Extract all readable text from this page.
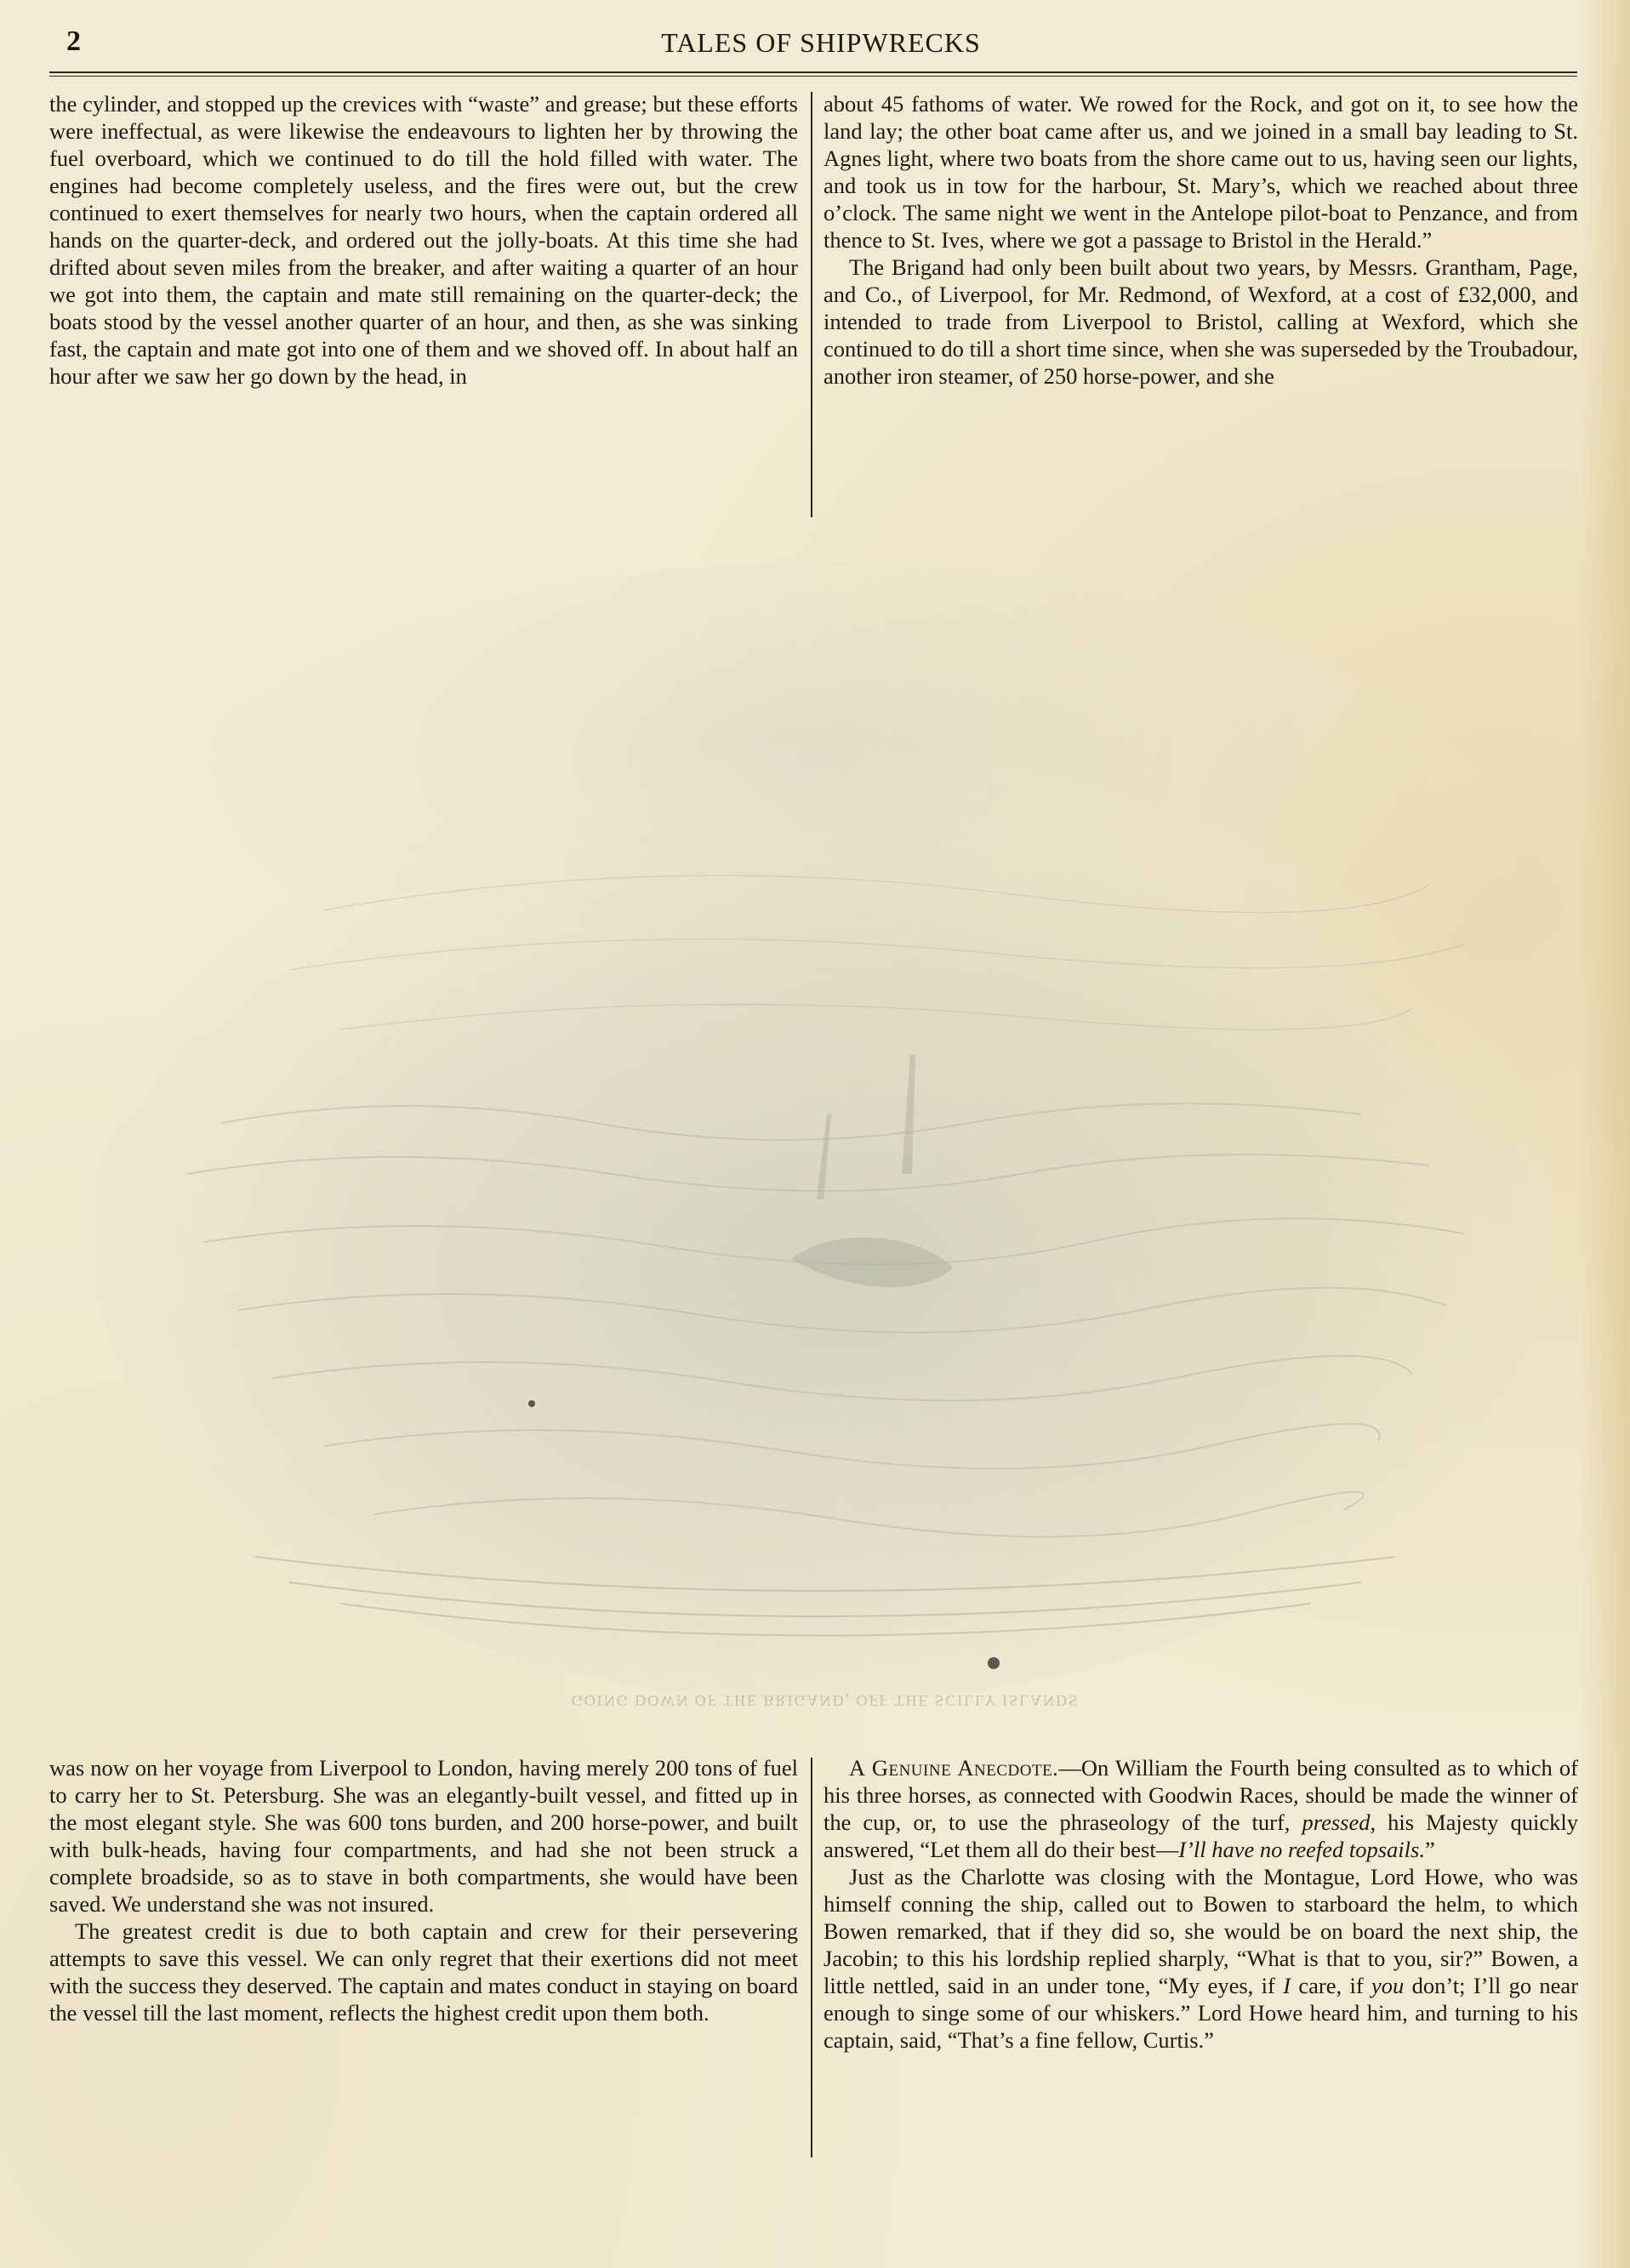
2	TALES OF SHIPWRECKS

the cylinder, and stopped up the crevices with “waste” and grease; but these efforts were ineffectual, as were likewise the endeavours to lighten her by throwing the fuel overboard, which we continued to do till the hold filled with water. The engines had become completely useless, and the fires were out, but the crew continued to exert themselves for nearly two hours, when the captain ordered all hands on the quarter-deck, and ordered out the jolly-boats. At this time she had drifted about seven miles from the breaker, and after waiting a quarter of an hour we got into them, the captain and mate still remaining on the quarter-deck; the boats stood by the vessel another quarter of an hour, and then, as she was sinking fast, the captain and mate got into one of them and we shoved off. In about half an hour after we saw her go down by the head, in

about 45 fathoms of water. We rowed for the Rock, and got on it, to see how the land lay; the other boat came after us, and we joined in a small bay leading to St. Agnes light, where two boats from the shore came out to us, having seen our lights, and took us in tow for the harbour, St. Mary’s, which we reached about three o’clock. The same night we went in the Antelope pilot-boat to Penzance, and from thence to St. Ives, where we got a passage to Bristol in the Herald.”

The Brigand had only been built about two years, by Messrs. Grantham, Page, and Co., of Liverpool, for Mr. Redmond, of Wexford, at a cost of £32,000, and intended to trade from Liverpool to Bristol, calling at Wexford, which she continued to do till a short time since, when she was superseded by the Troubadour, another iron steamer, of 250 horse-power, and she

GOING DOWN OF THE BRIGAND, OFF THE SCILLY ISLANDS

was now on her voyage from Liverpool to London, having merely 200 tons of fuel to carry her to St. Petersburg. She was an elegantly-built vessel, and fitted up in the most elegant style. She was 600 tons burden, and 200 horse-power, and built with bulk-heads, having four compartments, and had she not been struck a complete broadside, so as to stave in both compartments, she would have been saved. We understand she was not insured.

The greatest credit is due to both captain and crew for their persevering attempts to save this vessel. We can only regret that their exertions did not meet with the success they deserved. The captain and mates conduct in staying on board the vessel till the last moment, reflects the highest credit upon them both.

A Genuine Anecdote.—On William the Fourth being consulted as to which of his three horses, as connected with Goodwin Races, should be made the winner of the cup, or, to use the phraseology of the turf, pressed, his Majesty quickly answered, “Let them all do their best—I’ll have no reefed topsails.”

Just as the Charlotte was closing with the Montague, Lord Howe, who was himself conning the ship, called out to Bowen to starboard the helm, to which Bowen remarked, that if they did so, she would be on board the next ship, the Jacobin; to this his lordship replied sharply, “What is that to you, sir?” Bowen, a little nettled, said in an under tone, “My eyes, if I care, if you don’t; I’ll go near enough to singe some of our whiskers.” Lord Howe heard him, and turning to his captain, said, “That’s a fine fellow, Curtis.”
